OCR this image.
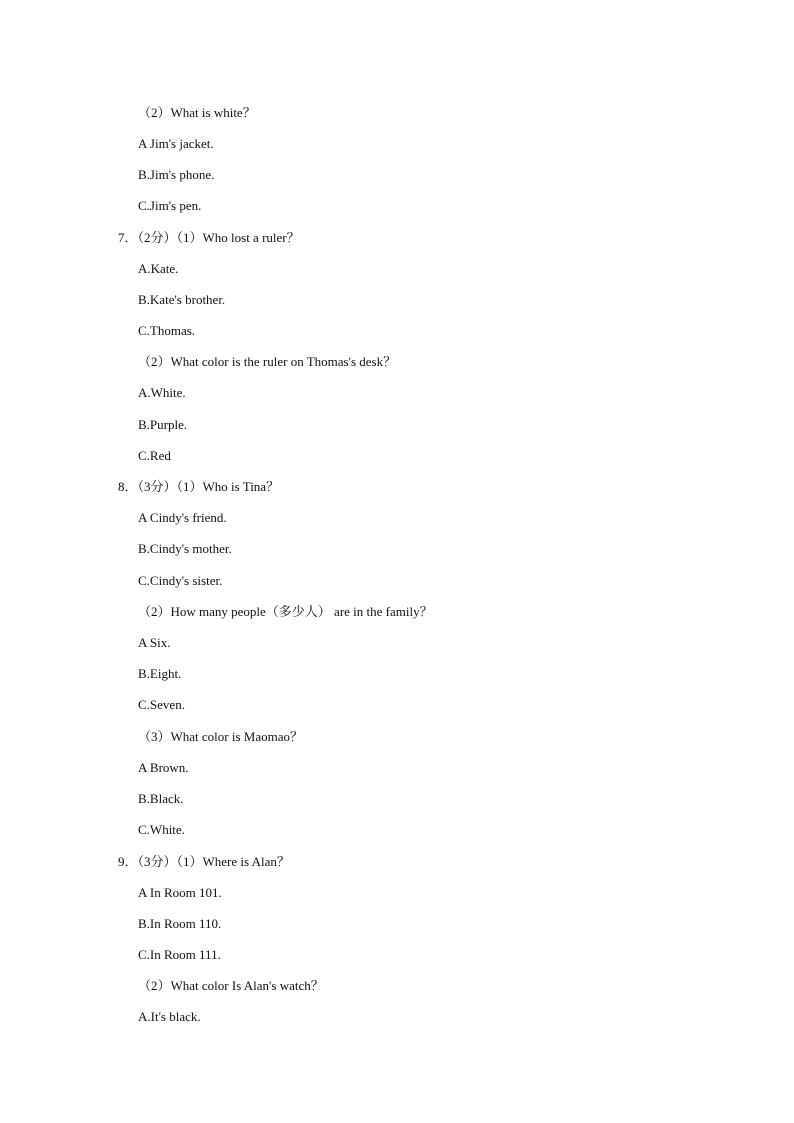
（2）What is white？
A Jim's jacket.
B.Jim's phone.
C.Jim's pen.
7．（2分）（1）Who lost a ruler？
A.Kate.
B.Kate's brother.
C.Thomas.
（2）What color is the ruler on Thomas's desk？
A.White.
B.Purple.
C.Red
8．（3分）（1）Who is Tina？
A Cindy's friend.
B.Cindy's mother.
C.Cindy's sister.
（2）How many people（多少人） are in the family？
A Six.
B.Eight.
C.Seven.
（3）What color is Maomao？
A Brown.
B.Black.
C.White.
9．（3分）（1）Where is Alan？
A In Room 101.
B.In Room 110.
C.In Room 111.
（2）What color Is Alan's watch？
A.It's black.
